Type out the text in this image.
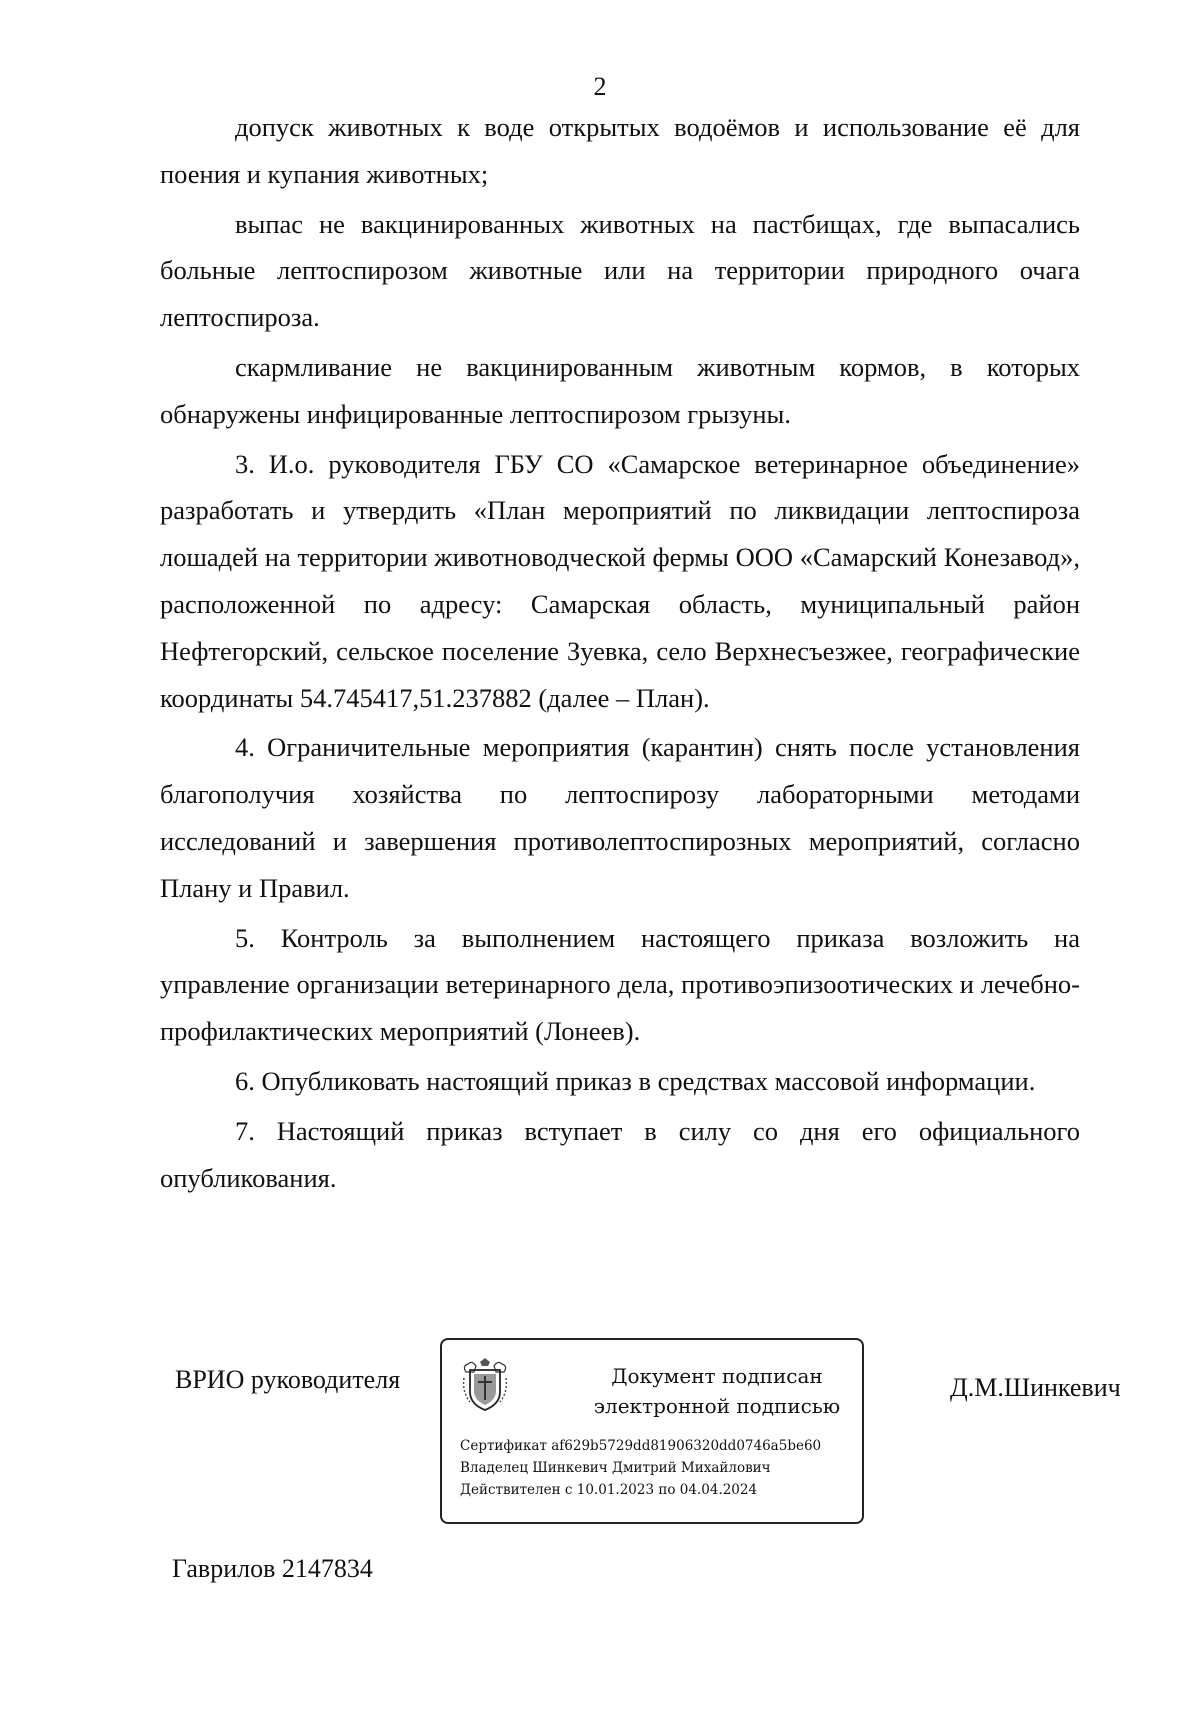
2

допуск животных к воде открытых водоёмов и использование её для поения и купания животных;

выпас не вакцинированных животных на пастбищах, где выпасались больные лептоспирозом животные или на территории природного очага лептоспироза.

скармливание не вакцинированным животным кормов, в которых обнаружены инфицированные лептоспирозом грызуны.

3. И.о. руководителя ГБУ СО «Самарское ветеринарное объединение» разработать и утвердить «План мероприятий по ликвидации лептоспироза лошадей на территории животноводческой фермы ООО «Самарский Конезавод», расположенной по адресу: Самарская область, муниципальный район Нефтегорский, сельское поселение Зуевка, село Верхнесъезжее, географические координаты 54.745417,51.237882 (далее – План).

4. Ограничительные мероприятия (карантин) снять после установления благополучия хозяйства по лептоспирозу лабораторными методами исследований и завершения противолептоспирозных мероприятий, согласно Плану и Правил.

5. Контроль за выполнением настоящего приказа возложить на управление организации ветеринарного дела, противоэпизоотических и лечебно-профилактических мероприятий (Лонеев).

6. Опубликовать настоящий приказ в средствах массовой информации.

7. Настоящий приказ вступает в силу со дня его официального опубликования.

ВРИО руководителя	Документ подписан
электронной подписью
Сертификат af629b5729dd81906320dd0746a5be60
Владелец Шинкевич Дмитрий Михайлович
Действителен с 10.01.2023 по 04.04.2024
Д.М.Шинкевич
Гаврилов 2147834
